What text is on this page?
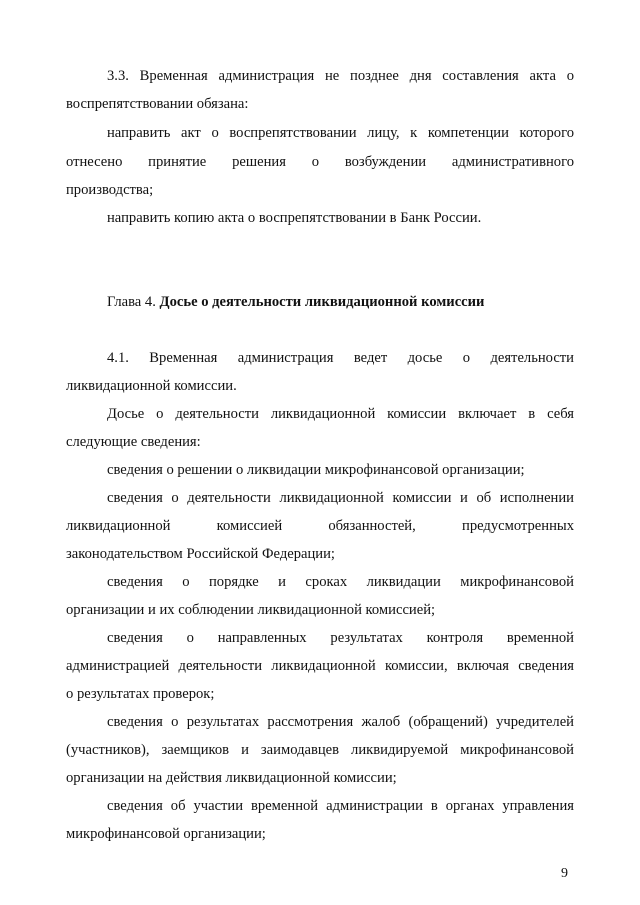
3.3. Временная администрация не позднее дня составления акта о

воспрепятствовании обязана:

направить акт о воспрепятствовании лицу, к компетенции которого

отнесено принятие решения о возбуждении административного

производства;

направить копию акта о воспрепятствовании в Банк России.

Глава 4. Досье о деятельности ликвидационной комиссии

4.1. Временная администрация ведет досье о деятельности

ликвидационной комиссии.

Досье о деятельности ликвидационной комиссии включает в себя

следующие сведения:

сведения о решении о ликвидации микрофинансовой организации;

сведения о деятельности ликвидационной комиссии и об исполнении

ликвидационной комиссией обязанностей, предусмотренных

законодательством Российской Федерации;

сведения о порядке и сроках ликвидации микрофинансовой

организации и их соблюдении ликвидационной комиссией;

сведения о направленных результатах контроля временной

администрацией деятельности ликвидационной комиссии, включая сведения

о результатах проверок;

сведения о результатах рассмотрения жалоб (обращений) учредителей

(участников), заемщиков и заимодавцев ликвидируемой микрофинансовой

организации на действия ликвидационной комиссии;

сведения об участии временной администрации в органах управления

микрофинансовой организации;

9
